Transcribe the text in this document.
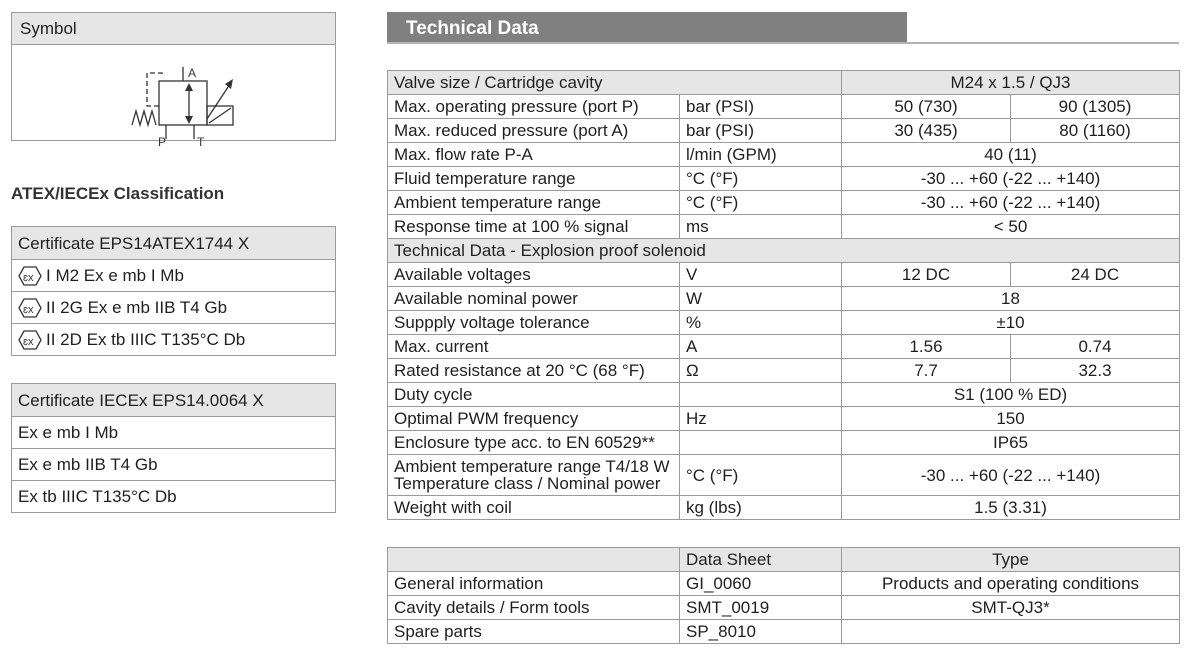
Symbol
A
P	T
ATEX/IECEx Classification
Certificate EPS14ATEX1744 X
ɛx I M2 Ex e mb I Mb
ɛx II 2G Ex e mb IIB T4 Gb
ɛx II 2D Ex tb IIIC T135°C Db
Certificate IECEx EPS14.0064 X
Ex e mb I Mb
Ex e mb IIB T4 Gb
Ex tb IIIC T135°C Db
Technical Data
Valve size / Cartridge cavity		M24 x 1.5 / QJ3	
Max. operating pressure (port P)	bar (PSI)	50 (730)	90 (1305)
Max. reduced pressure (port A)	bar (PSI)	30 (435)	80 (1160)
Max. flow rate P-A	l/min (GPM)	40 (11)	
Fluid temperature range	°C (°F)	-30 ... +60 (-22 ... +140)	
Ambient temperature range	°C (°F)	-30 ... +60 (-22 ... +140)	
Response time at 100 % signal	ms	< 50	
Technical Data - Explosion proof solenoid			
Available voltages	V	12 DC	24 DC
Available nominal power	W	18	
Suppply voltage tolerance	%	±10	
Max. current	A	1.56	0.74
Rated resistance at 20 °C (68 °F)	Ω	7.7	32.3
Duty cycle		S1 (100 % ED)	
Optimal PWM frequency	Hz	150	
Enclosure type acc. to EN 60529**		IP65	

Ambient temperature range T4/18 W
Temperature class / Nominal power	°C (°F)	-30 ... +60 (-22 ... +140)	
Weight with coil	kg (lbs)	1.5 (3.31)	
	Data Sheet	Type
General information	GI_0060	Products and operating conditions
Cavity details / Form tools	SMT_0019	SMT-QJ3*
Spare parts	SP_8010	
